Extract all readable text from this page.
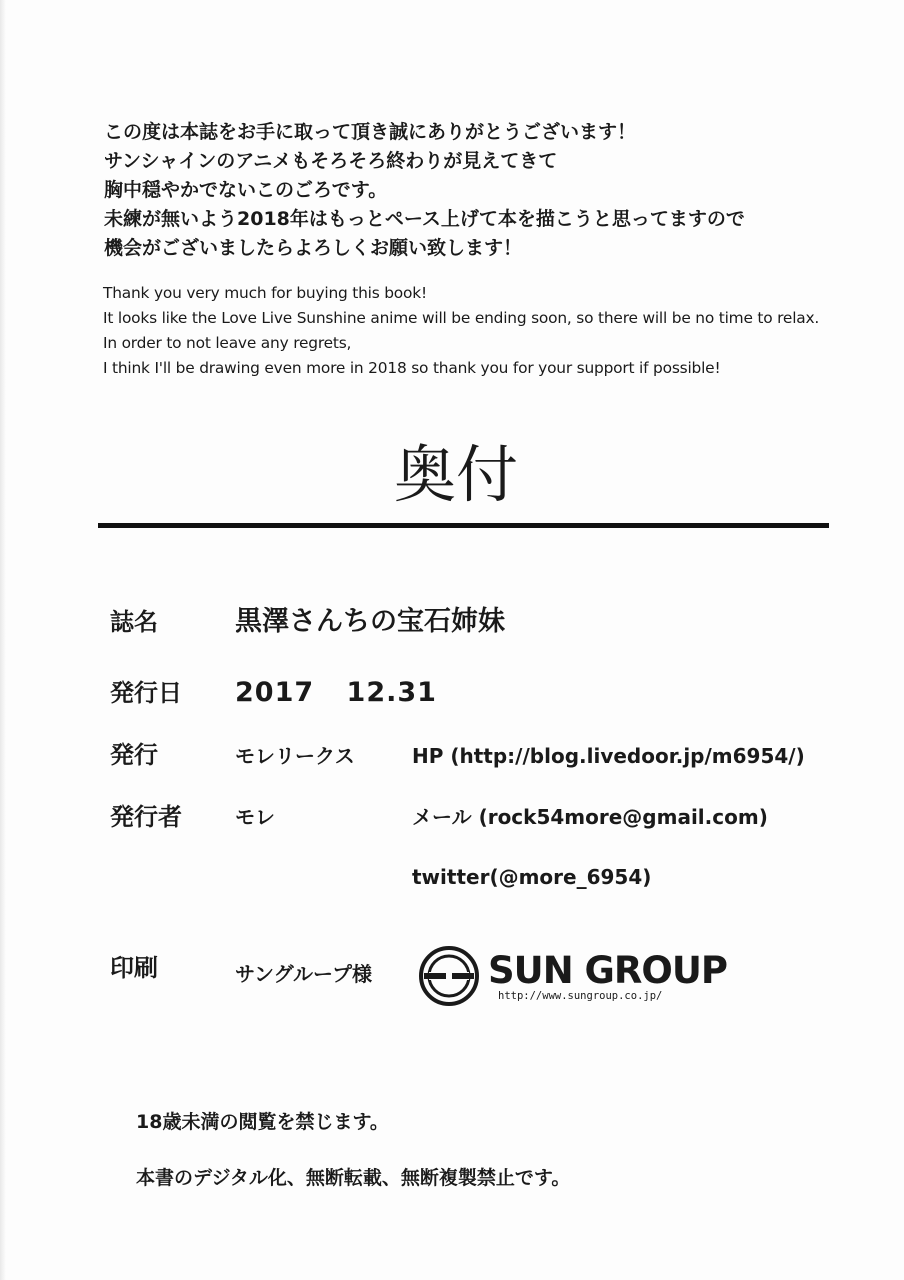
この度は本誌をお手に取って頂き誠にありがとうございます！
サンシャインのアニメもそろそろ終わりが見えてきて
胸中穏やかでないこのごろです。
未練が無いよう2018年はもっとペース上げて本を描こうと思ってますので
機会がございましたらよろしくお願い致します！
Thank you very much for buying this book!
It looks like the Love Live Sunshine anime will be ending soon, so there will be no time to relax.
In order to not leave any regrets,
I think I'll be drawing even more in 2018 so thank you for your support if possible!
奥付
誌名	黒澤さんちの宝石姉妹
発行日 2017 12.31
発行	モレリークス	HP (http://blog.livedoor.jp/m6954/)
発行者	モレ	メール (rock54more@gmail.com)
twitter(@more_6954)
印刷	サングループ様	SUN GROUP
http://www.sungroup.co.jp/
18歳未満の閲覧を禁じます。
本書のデジタル化、無断転載、無断複製禁止です。
